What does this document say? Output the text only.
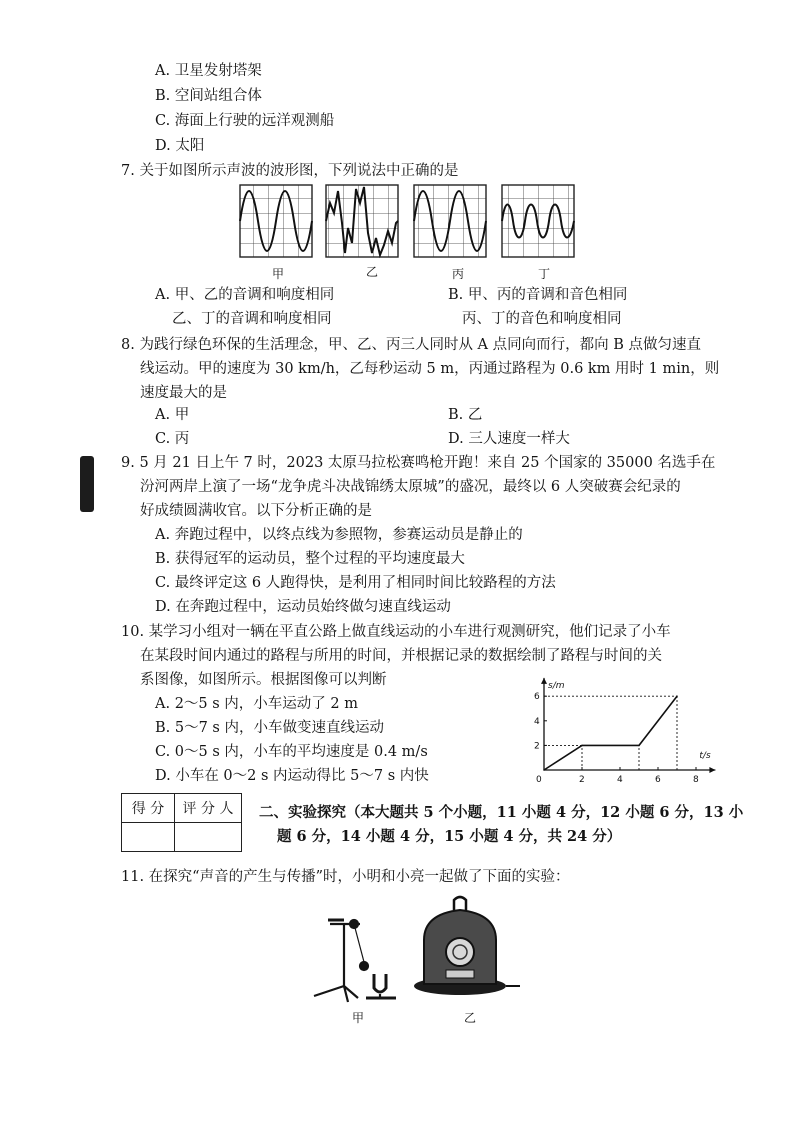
A. 卫星发射塔架
B. 空间站组合体
C. 海面上行驶的远洋观测船
D. 太阳
7. 关于如图所示声波的波形图，下列说法中正确的是
甲	乙	丙	丁
A. 甲、乙的音调和响度相同	B. 甲、丙的音调和音色相同
乙、丁的音调和响度相同	丙、丁的音色和响度相同
8. 为践行绿色环保的生活理念，甲、乙、丙三人同时从 A 点同向而行，都向 B 点做匀速直
线运动。甲的速度为 30 km/h，乙每秒运动 5 m，丙通过路程为 0.6 km 用时 1 min，则
速度最大的是
A. 甲	B. 乙
C. 丙	D. 三人速度一样大
9. 5 月 21 日上午 7 时，2023 太原马拉松赛鸣枪开跑！来自 25 个国家的 35000 名选手在
汾河两岸上演了一场“龙争虎斗决战锦绣太原城”的盛况，最终以 6 人突破赛会纪录的
好成绩圆满收官。以下分析正确的是
A. 奔跑过程中，以终点线为参照物，参赛运动员是静止的
B. 获得冠军的运动员，整个过程的平均速度最大
C. 最终评定这 6 人跑得快，是利用了相同时间比较路程的方法
D. 在奔跑过程中，运动员始终做匀速直线运动
10. 某学习小组对一辆在平直公路上做直线运动的小车进行观测研究，他们记录了小车
在某段时间内通过的路程与所用的时间，并根据记录的数据绘制了路程与时间的关
系图像，如图所示。根据图像可以判断
A. 2～5 s 内，小车运动了 2 m
B. 5～7 s 内，小车做变速直线运动
C. 0～5 s 内，小车的平均速度是 0.4 m/s
D. 小车在 0～2 s 内运动得比 5～7 s 内快	0	2	4	6	8
2
4
6
t/s
s/m
得 分	评 分 人
	二、实验探究（本大题共 5 个小题，11 小题 4 分，12 小题 6 分，13 小
题 6 分，14 小题 4 分，15 小题 4 分，共 24 分）
11. 在探究“声音的产生与传播”时，小明和小亮一起做了下面的实验：
甲	乙
